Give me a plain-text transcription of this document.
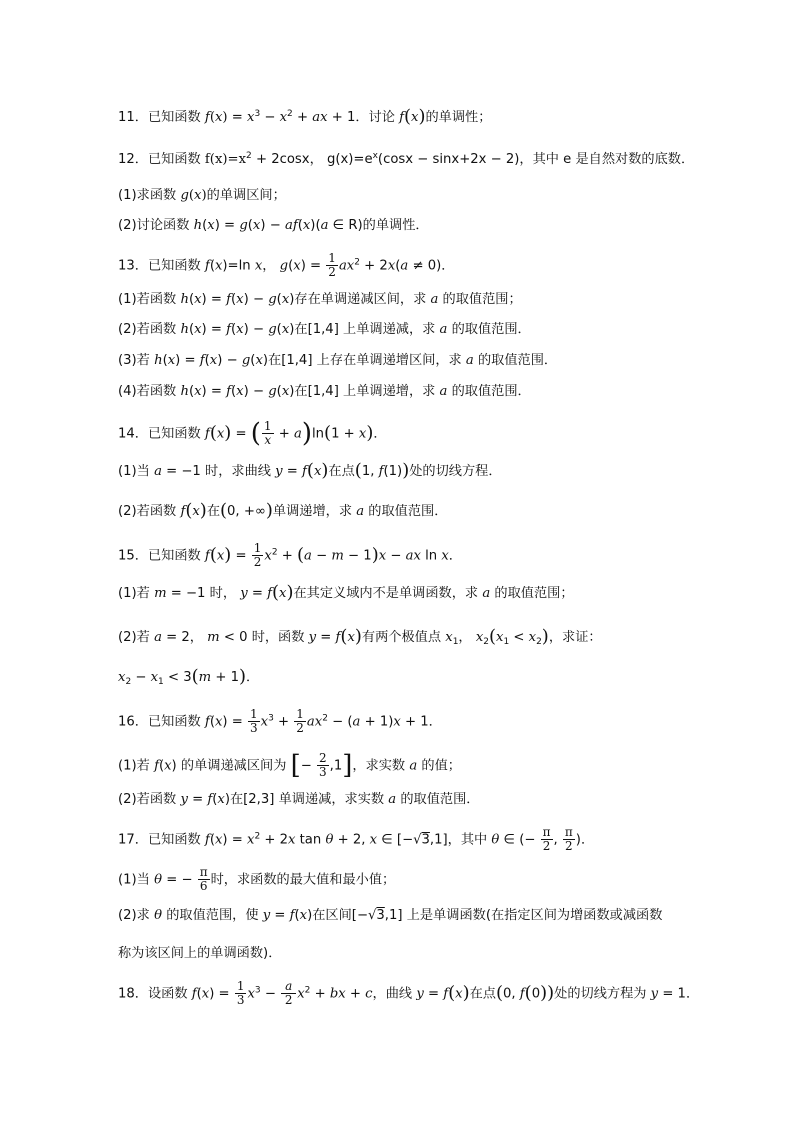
11．已知函数 $f(x) = x^3 - x^2$ + ax + 1．讨论 f(x)的单调性；
12．已知函数 $f(x)=x^2 + 2\cos x$， $g(x)=e^x(\cos x - \sin x+2x - 2)$，其中 e 是自然对数的底数．
(1)求函数 g(x)的单调区间；
(2)讨论函数 h(x) = g(x) − af(x)(a ∈ R)的单调性．
13．已知函数 f(x)=ln x， $g(x) = \frac{1}{2} ax^2 + 2x(a \ne 0)$．
(1)若函数 h(x) = f(x) − g(x)存在单调递减区间，求 a 的取值范围；
(2)若函数 h(x) = f(x) − g(x)在[1,4] 上单调递减，求 a 的取值范围．
(3)若 h(x) = f(x) − g(x)在[1,4] 上存在单调递增区间，求 a 的取值范围．
(4)若函数 h(x) = f(x) − g(x)在[1,4] 上单调递增，求 a 的取值范围．
14．已知函数 f(x) = ( $\frac{1}{x} + a)\ln(1 + x)$．
(1)当 a = −1 时，求曲线 y = f(x)在点(1, f(1))处的切线方程．
(2)若函数 f(x)在(0, +∞)单调递增，求 a 的取值范围．
15．已知函数 $f(x) = \frac{1}{2} x^2 + (a - m - 1)x$ − ax ln x．
(1)若 m = −1 时， y = f(x)在其定义域内不是单调函数，求 a 的取值范围；
(2)若 a = 2， m < 0 时，函数 y = f(x)有两个极值点 $x_1$， $x_2(x_1 < x_2)$，求证：
$x_2 - x_1 < 3(m + 1)$．
16．已知函数 $f(x) = \frac{1}{3} x^3 + \frac{1}{2} ax^2 - (a + 1)x + 1$．
(1)若 f(x) 的单调递减区间为 [− $\frac{2}{3} ,1$]，求实数 a 的值；
(2)若函数 y = f(x)在[2,3] 单调递减，求实数 a 的取值范围．
17．已知函数 $f(x) = x^2 + 2x$ tan θ + 2, x ∈ [−√3,1]，其中 θ ∈ (− $\frac{\pi}{2}$ , $\frac{\pi}{2}$ )．
(1)当 θ = − $\frac{\pi}{6}$ 时，求函数的最大值和最小值；
(2)求 θ 的取值范围，使 y = f(x)在区间[−√3,1] 上是单调函数(在指定区间为增函数或减函数
称为该区间上的单调函数)．
18．设函数 $f(x) = \frac{1}{3} x^3 - \frac{a}{2} x^2$ + bx + c，曲线 y = f(x)在点(0, f(0))处的切线方程为 y = 1．
